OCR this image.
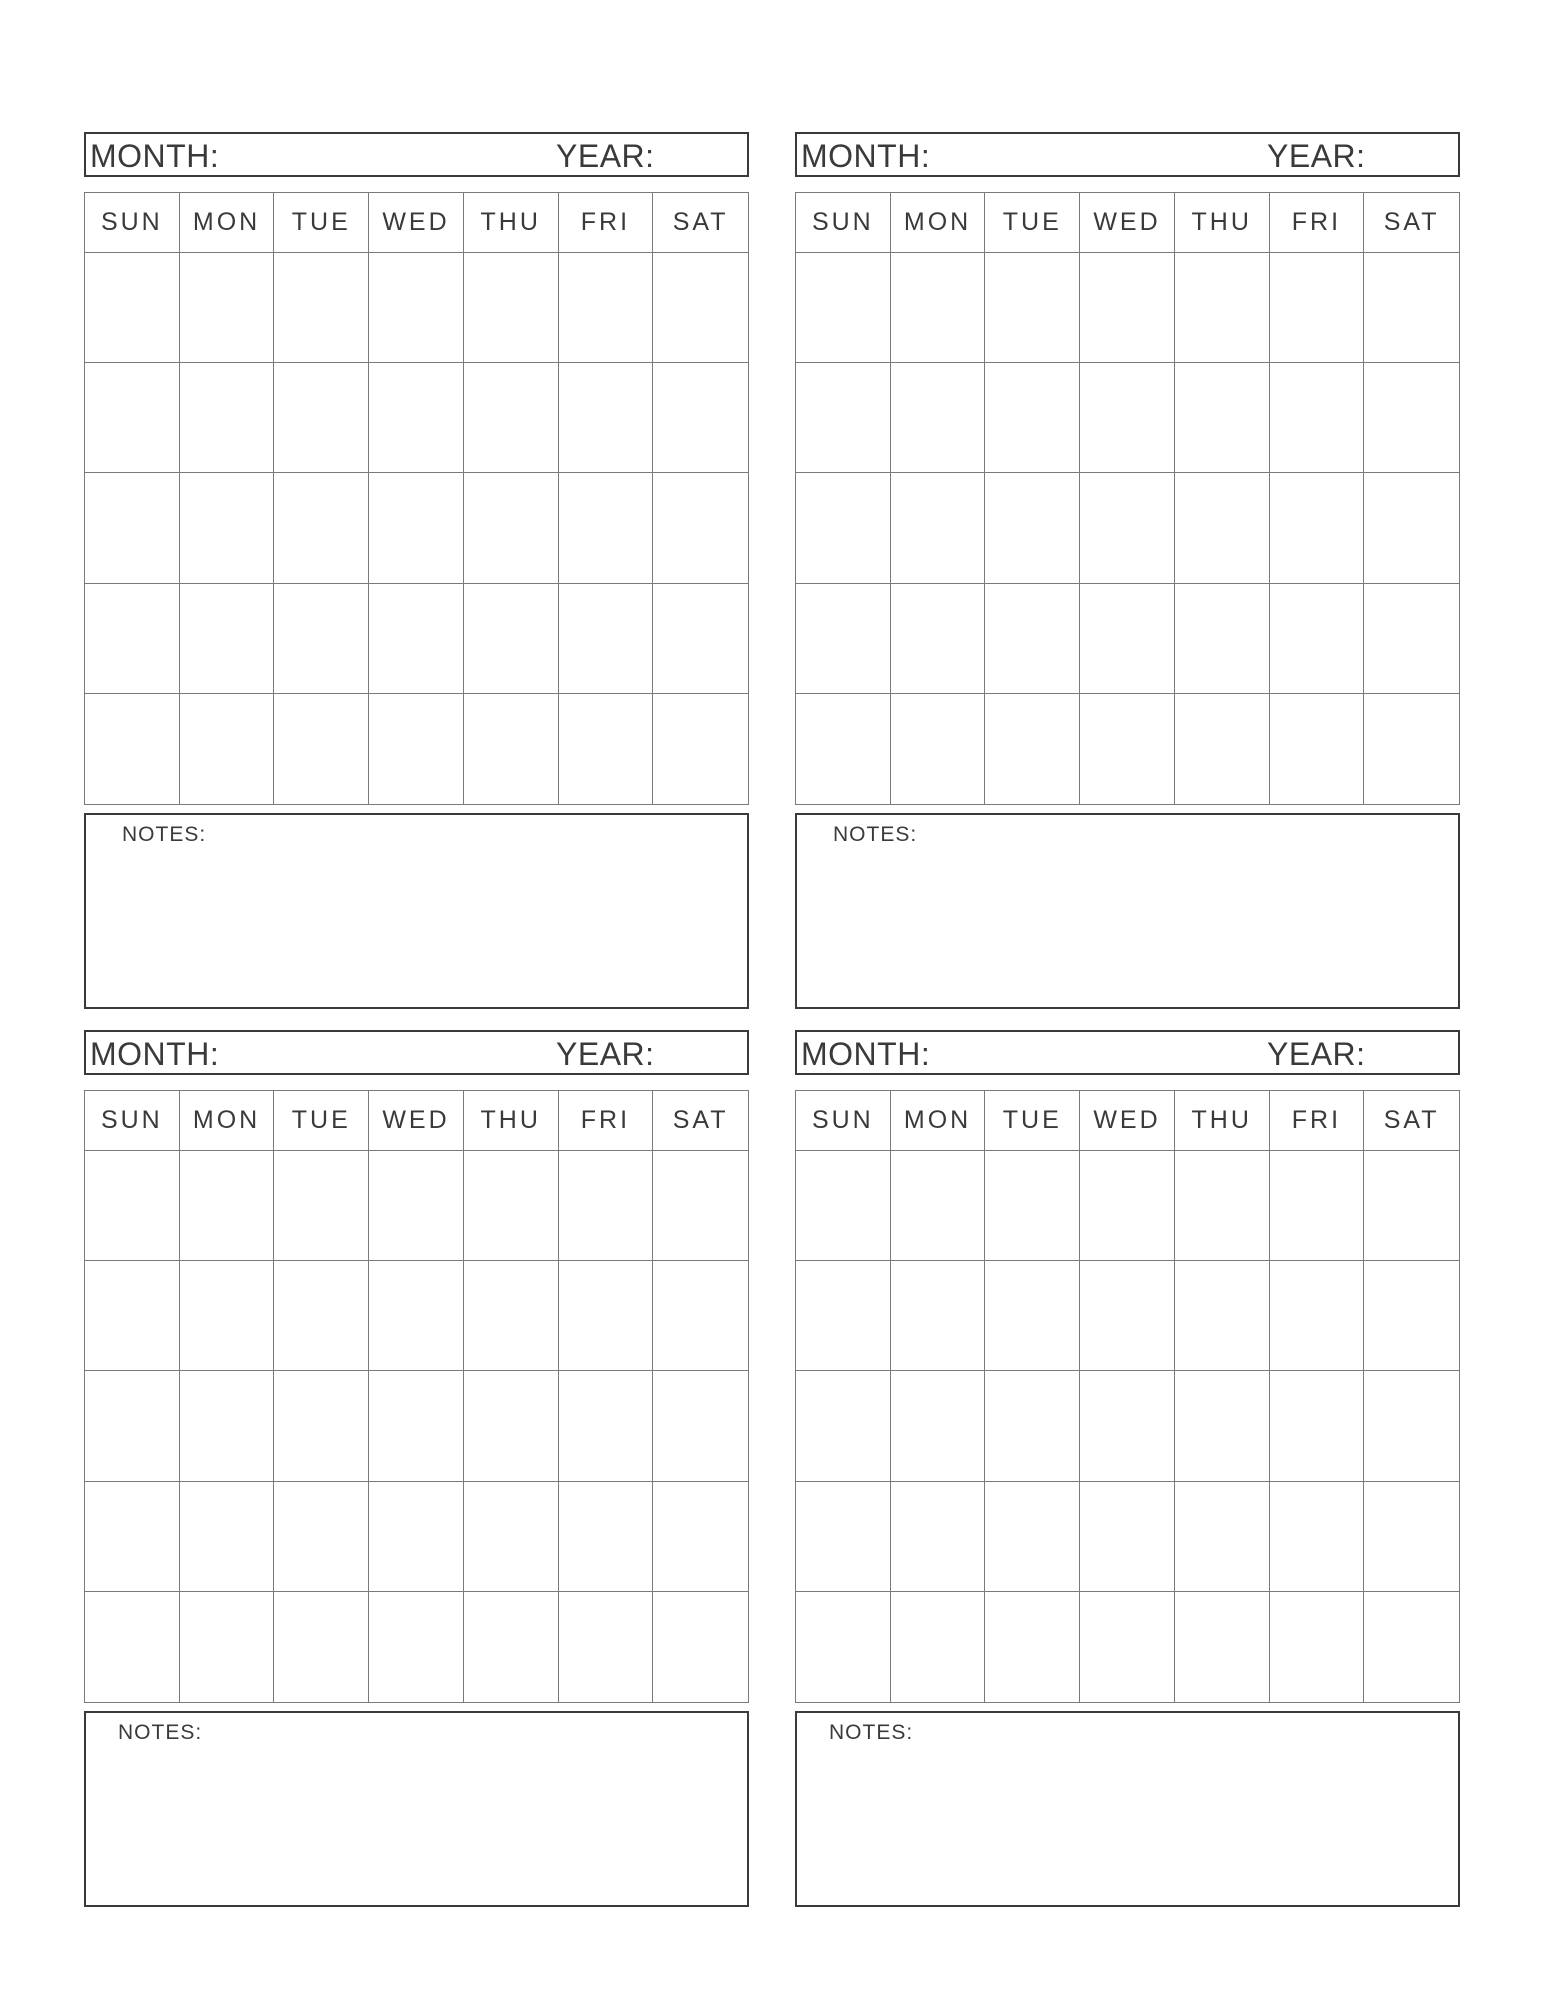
MONTH:	YEAR:
SUN	MON	TUE	WED	THU	FRI	SAT
NOTES:
MONTH:	YEAR:
SUN	MON	TUE	WED	THU	FRI	SAT
NOTES:
MONTH:	YEAR:
SUN	MON	TUE	WED	THU	FRI	SAT
NOTES:
MONTH:	YEAR:
SUN	MON	TUE	WED	THU	FRI	SAT
NOTES:
